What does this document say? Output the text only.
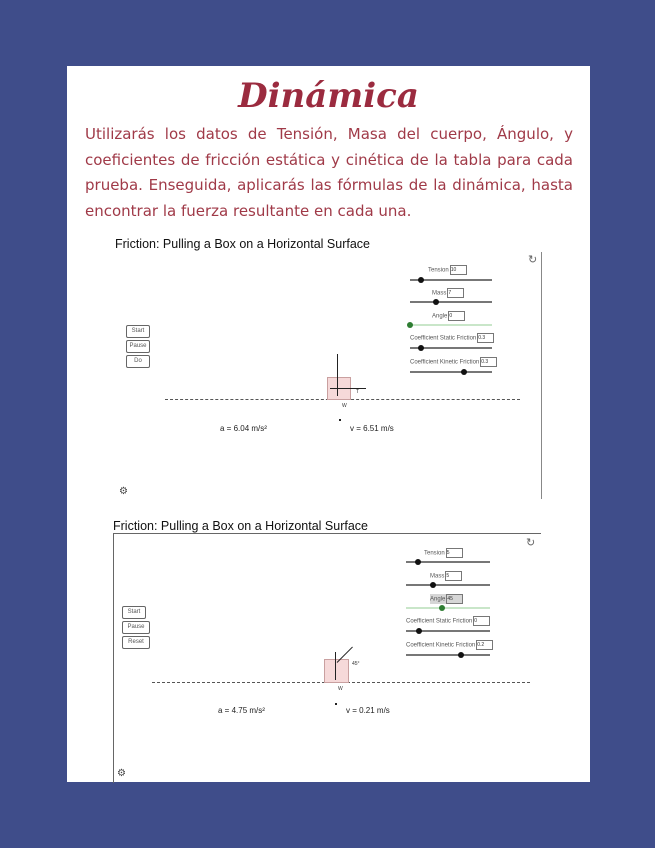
Dinámica
Utilizarás los datos de Tensión, Masa del cuerpo, Ángulo, y coeficientes de fricción estática y cinética de la tabla para cada prueba. Enseguida, aplicarás las fórmulas de la dinámica, hasta encontrar la fuerza resultante en cada una.
Friction: Pulling a Box on a Horizontal Surface
↻
Start
Pause
Do
Tension 10
Mass 7
Angle 0
Coefficient Static Friction 0.3
Coefficient Kinetic Friction 0.3
T
W
a = 6.04 m/s²	v = 6.51 m/s
⚙
Friction: Pulling a Box on a Horizontal Surface
↻
Start
Pause
Reset
Tension 5
Mass 5
Angle 45
Coefficient Static Friction 0
Coefficient Kinetic Friction 0.2
45°
W
a = 4.75 m/s²	v = 0.21 m/s
⚙
